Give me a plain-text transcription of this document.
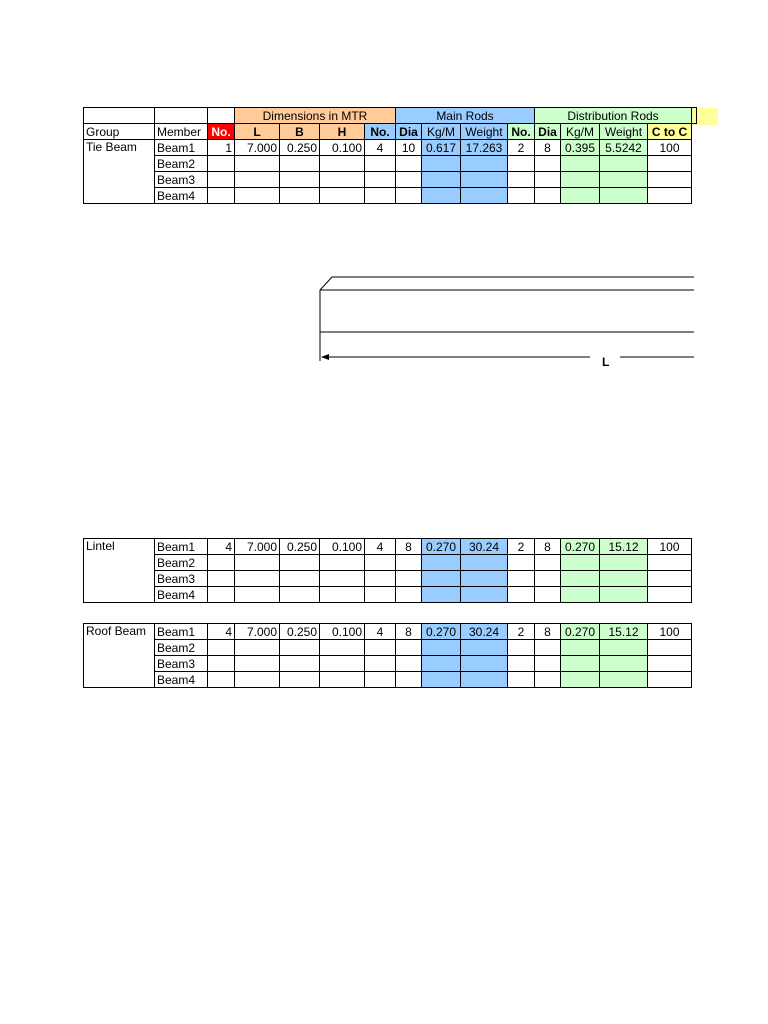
			Dimensions in MTR				Main Rods				Distribution Rods				
Group	Member	No.	L	B	H	No.	Dia	Kg/M	Weight	No.	Dia	Kg/M	Weight	C to C	
Tie Beam	Beam1	1	7.000	0.250	0.100	4	10	0.617	17.263	2	8	0.395	5.5242	100	
	Beam2														
	Beam3														
	Beam4														
L
Lintel	Beam1	4	7.000	0.250	0.100	4	8	0.270	30.24	2	8	0.270	15.12	100
	Beam2													
	Beam3													
	Beam4													
Roof Beam	Beam1	4	7.000	0.250	0.100	4	8	0.270	30.24	2	8	0.270	15.12	100
	Beam2													
	Beam3													
	Beam4													
